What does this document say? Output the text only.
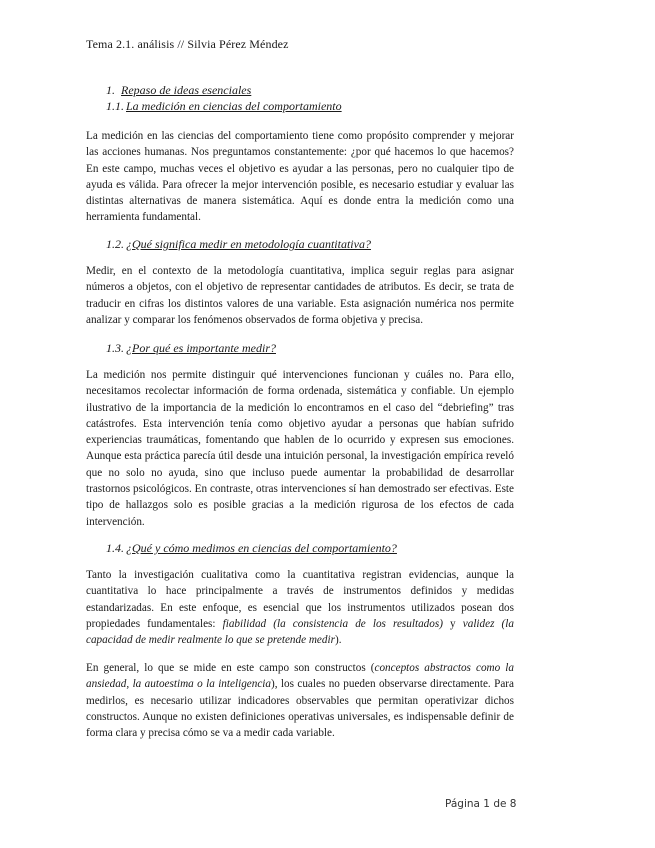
Tema 2.1. análisis // Silvia Pérez Méndez
1. Repaso de ideas esenciales
1.1. La medición en ciencias del comportamiento

La medición en las ciencias del comportamiento tiene como propósito comprender y mejorar las acciones humanas. Nos preguntamos constantemente: ¿por qué hacemos lo que hacemos? En este campo, muchas veces el objetivo es ayudar a las personas, pero no cualquier tipo de ayuda es válida. Para ofrecer la mejor intervención posible, es necesario estudiar y evaluar las distintas alternativas de manera sistemática. Aquí es donde entra la medición como una herramienta fundamental.

1.2. ¿Qué significa medir en metodología cuantitativa?

Medir, en el contexto de la metodología cuantitativa, implica seguir reglas para asignar números a objetos, con el objetivo de representar cantidades de atributos. Es decir, se trata de traducir en cifras los distintos valores de una variable. Esta asignación numérica nos permite analizar y comparar los fenómenos observados de forma objetiva y precisa.

1.3. ¿Por qué es importante medir?

La medición nos permite distinguir qué intervenciones funcionan y cuáles no. Para ello, necesitamos recolectar información de forma ordenada, sistemática y confiable. Un ejemplo ilustrativo de la importancia de la medición lo encontramos en el caso del “debriefing” tras catástrofes. Esta intervención tenía como objetivo ayudar a personas que habían sufrido experiencias traumáticas, fomentando que hablen de lo ocurrido y expresen sus emociones. Aunque esta práctica parecía útil desde una intuición personal, la investigación empírica reveló que no solo no ayuda, sino que incluso puede aumentar la probabilidad de desarrollar trastornos psicológicos. En contraste, otras intervenciones sí han demostrado ser efectivas. Este tipo de hallazgos solo es posible gracias a la medición rigurosa de los efectos de cada intervención.

1.4. ¿Qué y cómo medimos en ciencias del comportamiento?

Tanto la investigación cualitativa como la cuantitativa registran evidencias, aunque la cuantitativa lo hace principalmente a través de instrumentos definidos y medidas estandarizadas. En este enfoque, es esencial que los instrumentos utilizados posean dos propiedades fundamentales: fiabilidad (la consistencia de los resultados) y validez (la capacidad de medir realmente lo que se pretende medir).

En general, lo que se mide en este campo son constructos (conceptos abstractos como la ansiedad, la autoestima o la inteligencia), los cuales no pueden observarse directamente. Para medirlos, es necesario utilizar indicadores observables que permitan operativizar dichos constructos. Aunque no existen definiciones operativas universales, es indispensable definir de forma clara y precisa cómo se va a medir cada variable.

Página 1 de 8
